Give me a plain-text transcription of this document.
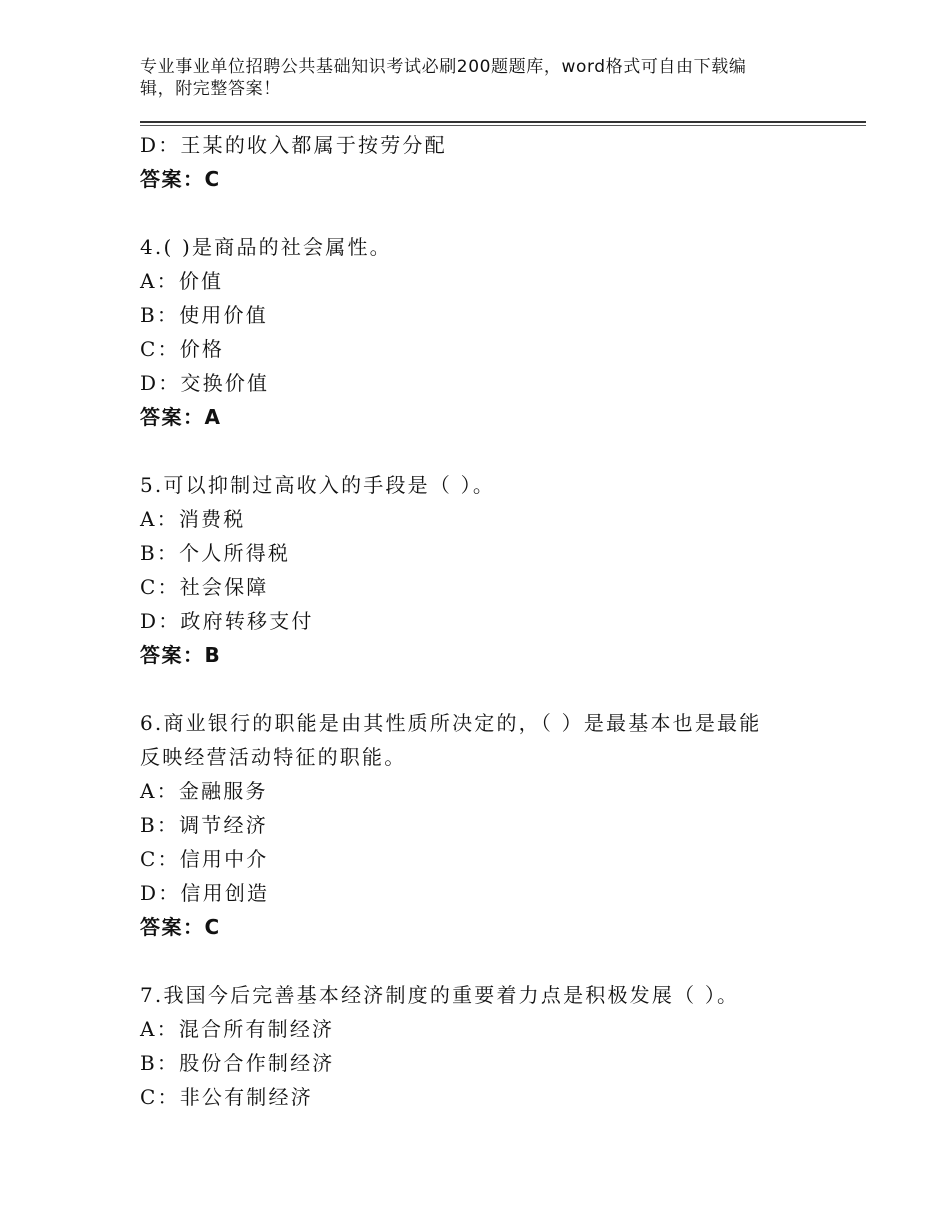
专业事业单位招聘公共基础知识考试必刷200题题库，word格式可自由下载编
辑，附完整答案！
D：王某的收入都属于按劳分配
答案：C
4.( )是商品的社会属性。
A：价值
B：使用价值
C：价格
D：交换价值
答案：A
5.可以抑制过高收入的手段是（ ）。
A：消费税
B：个人所得税
C：社会保障
D：政府转移支付
答案：B
6.商业银行的职能是由其性质所决定的，（ ）是最基本也是最能
反映经营活动特征的职能。
A：金融服务
B：调节经济
C：信用中介
D：信用创造
答案：C
7.我国今后完善基本经济制度的重要着力点是积极发展（ ）。
A：混合所有制经济
B：股份合作制经济
C：非公有制经济
